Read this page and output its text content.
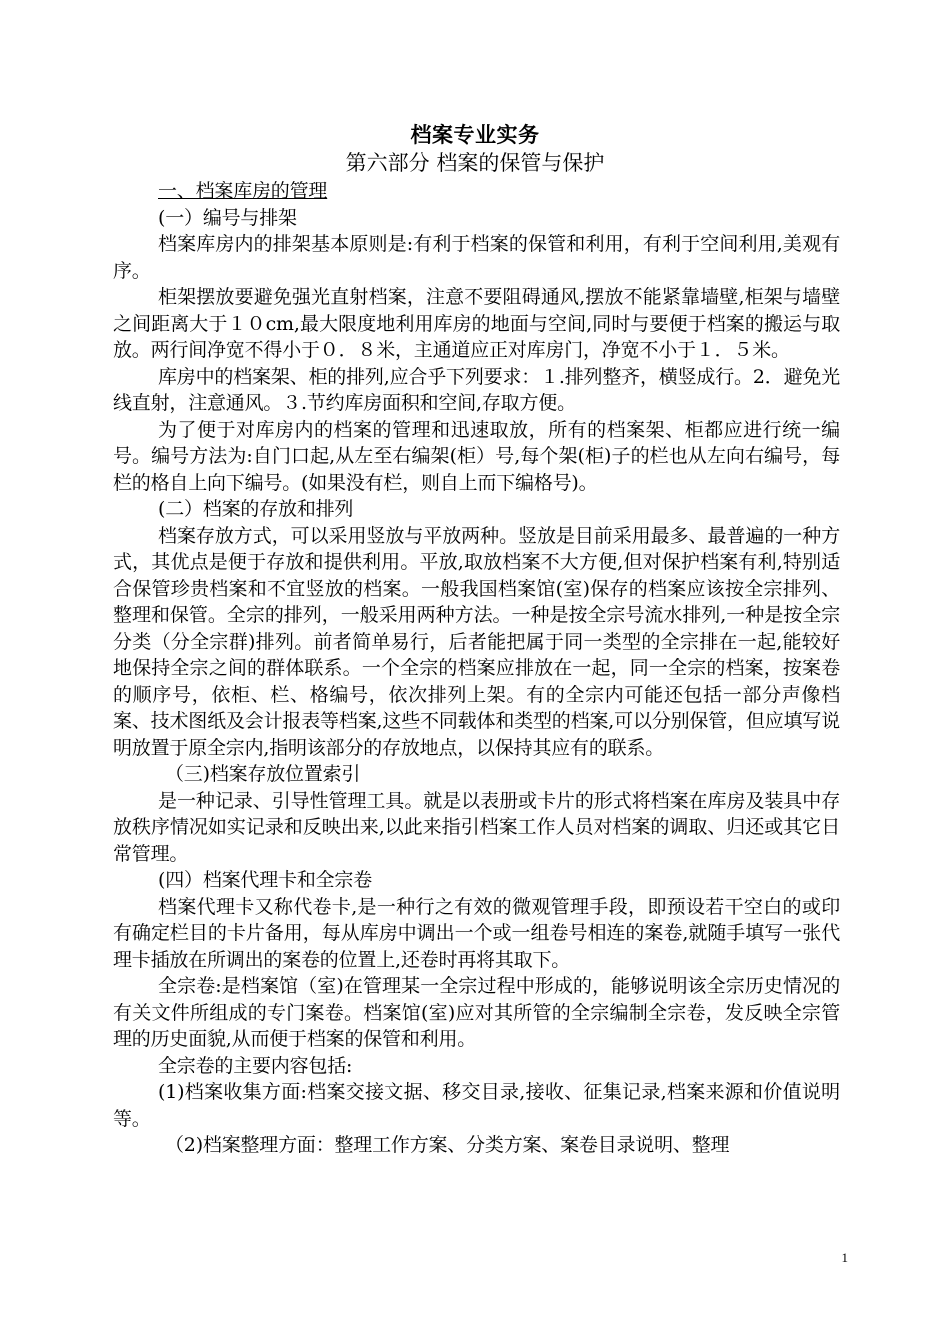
档案专业实务
第六部分 档案的保管与保护

一、档案库房的管理

(一）编号与排架

档案库房内的排架基本原则是:有利于档案的保管和利用，有利于空间利用,美观有序。

柜架摆放要避免强光直射档案，注意不要阻碍通风,摆放不能紧靠墙壁,柜架与墙壁之间距离大于１０cm,最大限度地利用库房的地面与空间,同时与要便于档案的搬运与取放。两行间净宽不得小于０．８米，主通道应正对库房门，净宽不小于１．５米。

库房中的档案架、柜的排列,应合乎下列要求：１.排列整齐，横竖成行。2．避免光线直射，注意通风。３.节约库房面积和空间,存取方便。

为了便于对库房内的档案的管理和迅速取放，所有的档案架、柜都应进行统一编号。编号方法为:自门口起,从左至右编架(柜）号,每个架(柜)子的栏也从左向右编号，每栏的格自上向下编号。(如果没有栏，则自上而下编格号)。

(二）档案的存放和排列

档案存放方式，可以采用竖放与平放两种。竖放是目前采用最多、最普遍的一种方式，其优点是便于存放和提供利用。平放,取放档案不大方便,但对保护档案有利,特别适合保管珍贵档案和不宜竖放的档案。一般我国档案馆(室)保存的档案应该按全宗排列、整理和保管。全宗的排列，一般采用两种方法。一种是按全宗号流水排列,一种是按全宗分类（分全宗群)排列。前者简单易行，后者能把属于同一类型的全宗排在一起,能较好地保持全宗之间的群体联系。一个全宗的档案应排放在一起，同一全宗的档案，按案卷的顺序号，依柜、栏、格编号，依次排列上架。有的全宗内可能还包括一部分声像档案、技术图纸及会计报表等档案,这些不同载体和类型的档案,可以分别保管，但应填写说明放置于原全宗内,指明该部分的存放地点，以保持其应有的联系。

（三)档案存放位置索引

是一种记录、引导性管理工具。就是以表册或卡片的形式将档案在库房及装具中存放秩序情况如实记录和反映出来,以此来指引档案工作人员对档案的调取、归还或其它日常管理。

(四）档案代理卡和全宗卷

档案代理卡又称代卷卡,是一种行之有效的微观管理手段，即预设若干空白的或印有确定栏目的卡片备用，每从库房中调出一个或一组卷号相连的案卷,就随手填写一张代理卡插放在所调出的案卷的位置上,还卷时再将其取下。

全宗卷:是档案馆（室)在管理某一全宗过程中形成的，能够说明该全宗历史情况的有关文件所组成的专门案卷。档案馆(室)应对其所管的全宗编制全宗卷，发反映全宗管理的历史面貌,从而便于档案的保管和利用。

全宗卷的主要内容包括:

(1)档案收集方面:档案交接文据、移交目录,接收、征集记录,档案来源和价值说明等。

（2)档案整理方面：整理工作方案、分类方案、案卷目录说明、整理

1
